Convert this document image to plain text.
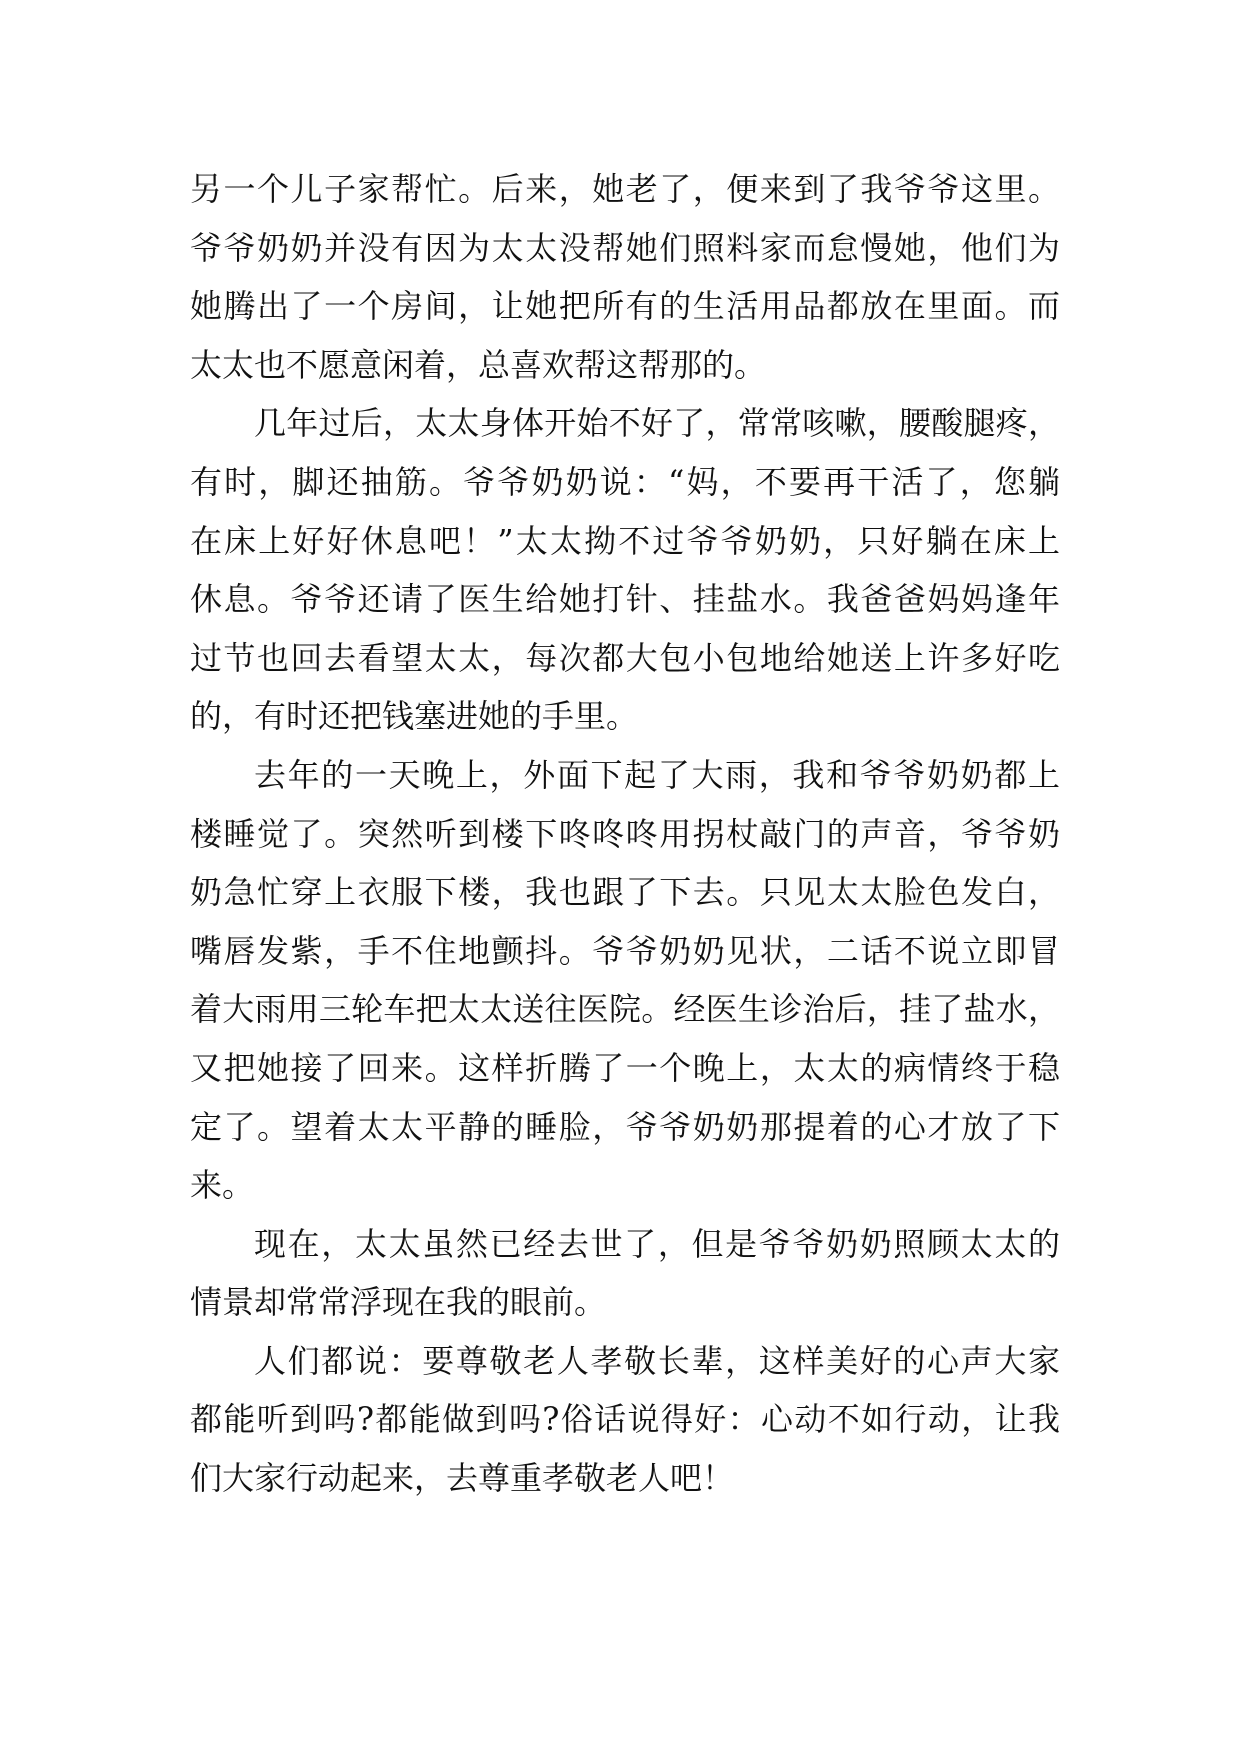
另一个儿子家帮忙。后来，她老了，便来到了我爷爷这里。
爷爷奶奶并没有因为太太没帮她们照料家而怠慢她，他们为
她腾出了一个房间，让她把所有的生活用品都放在里面。而
太太也不愿意闲着，总喜欢帮这帮那的。
几年过后，太太身体开始不好了，常常咳嗽，腰酸腿疼，
有时，脚还抽筋。爷爷奶奶说：“妈，不要再干活了，您躺
在床上好好休息吧！”太太拗不过爷爷奶奶，只好躺在床上
休息。爷爷还请了医生给她打针、挂盐水。我爸爸妈妈逢年
过节也回去看望太太，每次都大包小包地给她送上许多好吃
的，有时还把钱塞进她的手里。
去年的一天晚上，外面下起了大雨，我和爷爷奶奶都上
楼睡觉了。突然听到楼下咚咚咚用拐杖敲门的声音，爷爷奶
奶急忙穿上衣服下楼，我也跟了下去。只见太太脸色发白，
嘴唇发紫，手不住地颤抖。爷爷奶奶见状，二话不说立即冒
着大雨用三轮车把太太送往医院。经医生诊治后，挂了盐水，
又把她接了回来。这样折腾了一个晚上，太太的病情终于稳
定了。望着太太平静的睡脸，爷爷奶奶那提着的心才放了下
来。
现在，太太虽然已经去世了，但是爷爷奶奶照顾太太的
情景却常常浮现在我的眼前。
人们都说：要尊敬老人孝敬长辈，这样美好的心声大家
都能听到吗?都能做到吗?俗话说得好：心动不如行动，让我
们大家行动起来，去尊重孝敬老人吧！
